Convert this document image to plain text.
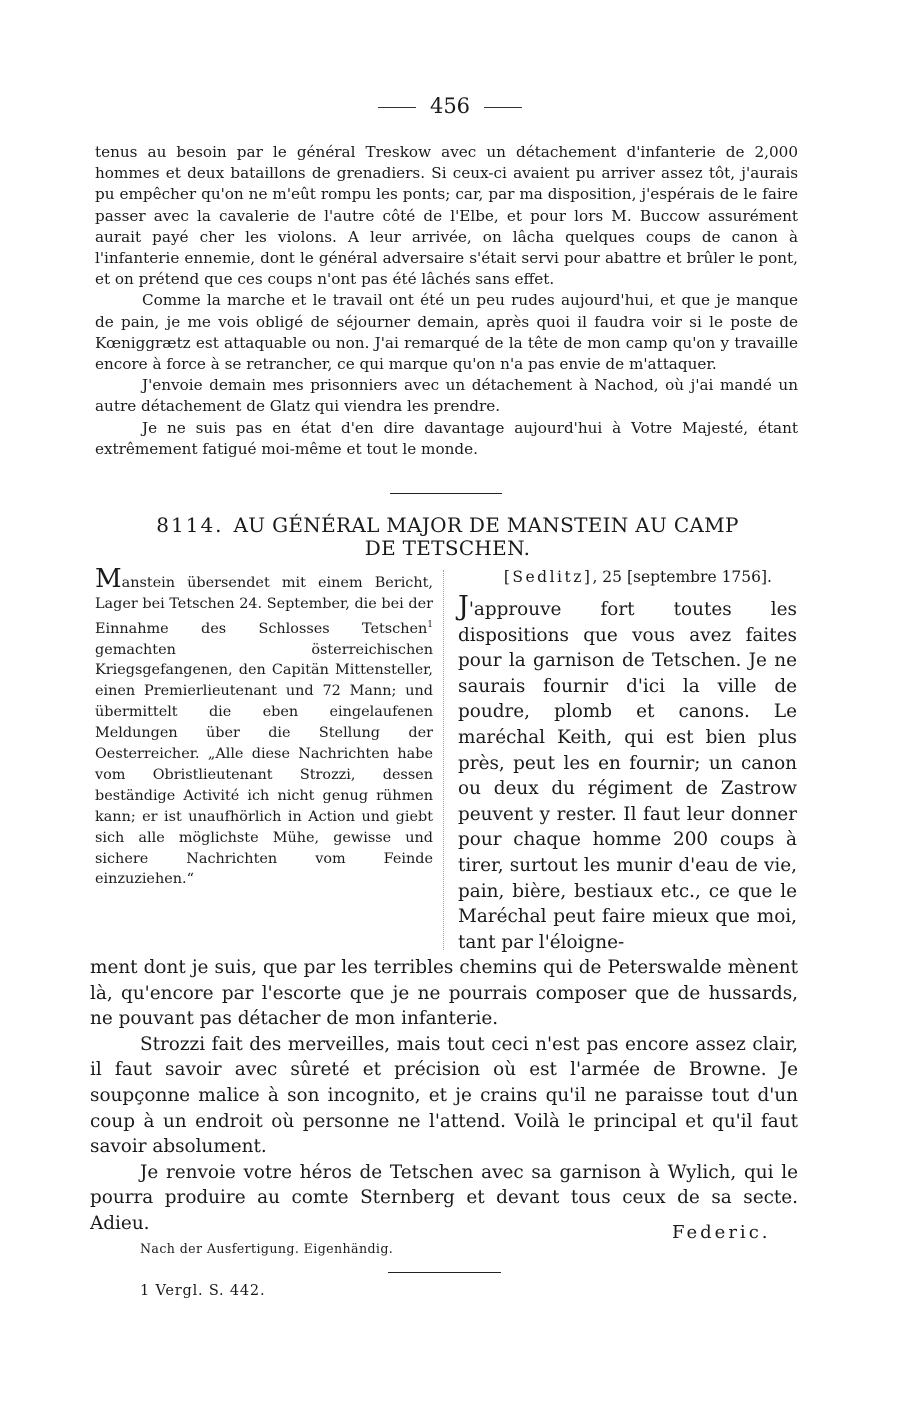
456

tenus au besoin par le général Treskow avec un détachement d'infanterie de 2,000 hommes et deux bataillons de grenadiers. Si ceux-ci avaient pu arriver assez tôt, j'aurais pu empêcher qu'on ne m'eût rompu les ponts; car, par ma disposition, j'espérais de le faire passer avec la cavalerie de l'autre côté de l'Elbe, et pour lors M. Buccow assurément aurait payé cher les violons. A leur arrivée, on lâcha quelques coups de canon à l'infanterie ennemie, dont le général adversaire s'était servi pour abattre et brûler le pont, et on prétend que ces coups n'ont pas été lâchés sans effet.

Comme la marche et le travail ont été un peu rudes aujourd'hui, et que je manque de pain, je me vois obligé de séjourner demain, après quoi il faudra voir si le poste de Kœniggrætz est attaquable ou non. J'ai remarqué de la tête de mon camp qu'on y travaille encore à force à se retrancher, ce qui marque qu'on n'a pas envie de m'attaquer.

J'envoie demain mes prisonniers avec un détachement à Nachod, où j'ai mandé un autre détachement de Glatz qui viendra les prendre.

Je ne suis pas en état d'en dire davantage aujourd'hui à Votre Majesté, étant extrêmement fatigué moi-même et tout le monde.

8114. AU GÉNÉRAL MAJOR DE MANSTEIN AU CAMP
DE TETSCHEN.
Manstein übersendet mit einem Bericht, Lager bei Tetschen 24. September, die bei der Einnahme des Schlosses Tetschen$^1$ gemachten österreichischen Kriegsgefangenen, den Capitän Mittensteller, einen Premierlieutenant und 72 Mann; und übermittelt die eben eingelaufenen Meldungen über die Stellung der Oesterreicher. „Alle diese Nachrichten habe vom Obristlieutenant Strozzi, dessen beständige Activité ich nicht genug rühmen kann; er ist unaufhörlich in Action und giebt sich alle möglichste Mühe, gewisse und sichere Nachrichten vom Feinde einzuziehen.“
[Sedlitz], 25 [septembre 1756].
J'approuve fort toutes les dispositions que vous avez faites pour la garnison de Tetschen. Je ne saurais fournir d'ici la ville de poudre, plomb et canons. Le maréchal Keith, qui est bien plus près, peut les en fournir; un canon ou deux du régiment de Zastrow peuvent y rester. Il faut leur donner pour chaque homme 200 coups à tirer, surtout les munir d'eau de vie, pain, bière, bestiaux etc., ce que le Maréchal peut faire mieux que moi, tant par l'éloigne-

ment dont je suis, que par les terribles chemins qui de Peterswalde mènent là, qu'encore par l'escorte que je ne pourrais composer que de hussards, ne pouvant pas détacher de mon infanterie.

Strozzi fait des merveilles, mais tout ceci n'est pas encore assez clair, il faut savoir avec sûreté et précision où est l'armée de Browne. Je soupçonne malice à son incognito, et je crains qu'il ne paraisse tout d'un coup à un endroit où personne ne l'attend. Voilà le principal et qu'il faut savoir absolument.

Je renvoie votre héros de Tetschen avec sa garnison à Wylich, qui le pourra produire au comte Sternberg et devant tous ceux de sa secte. Adieu.	Federic.
Nach der Ausfertigung. Eigenhändig.
1 Vergl. S. 442.
